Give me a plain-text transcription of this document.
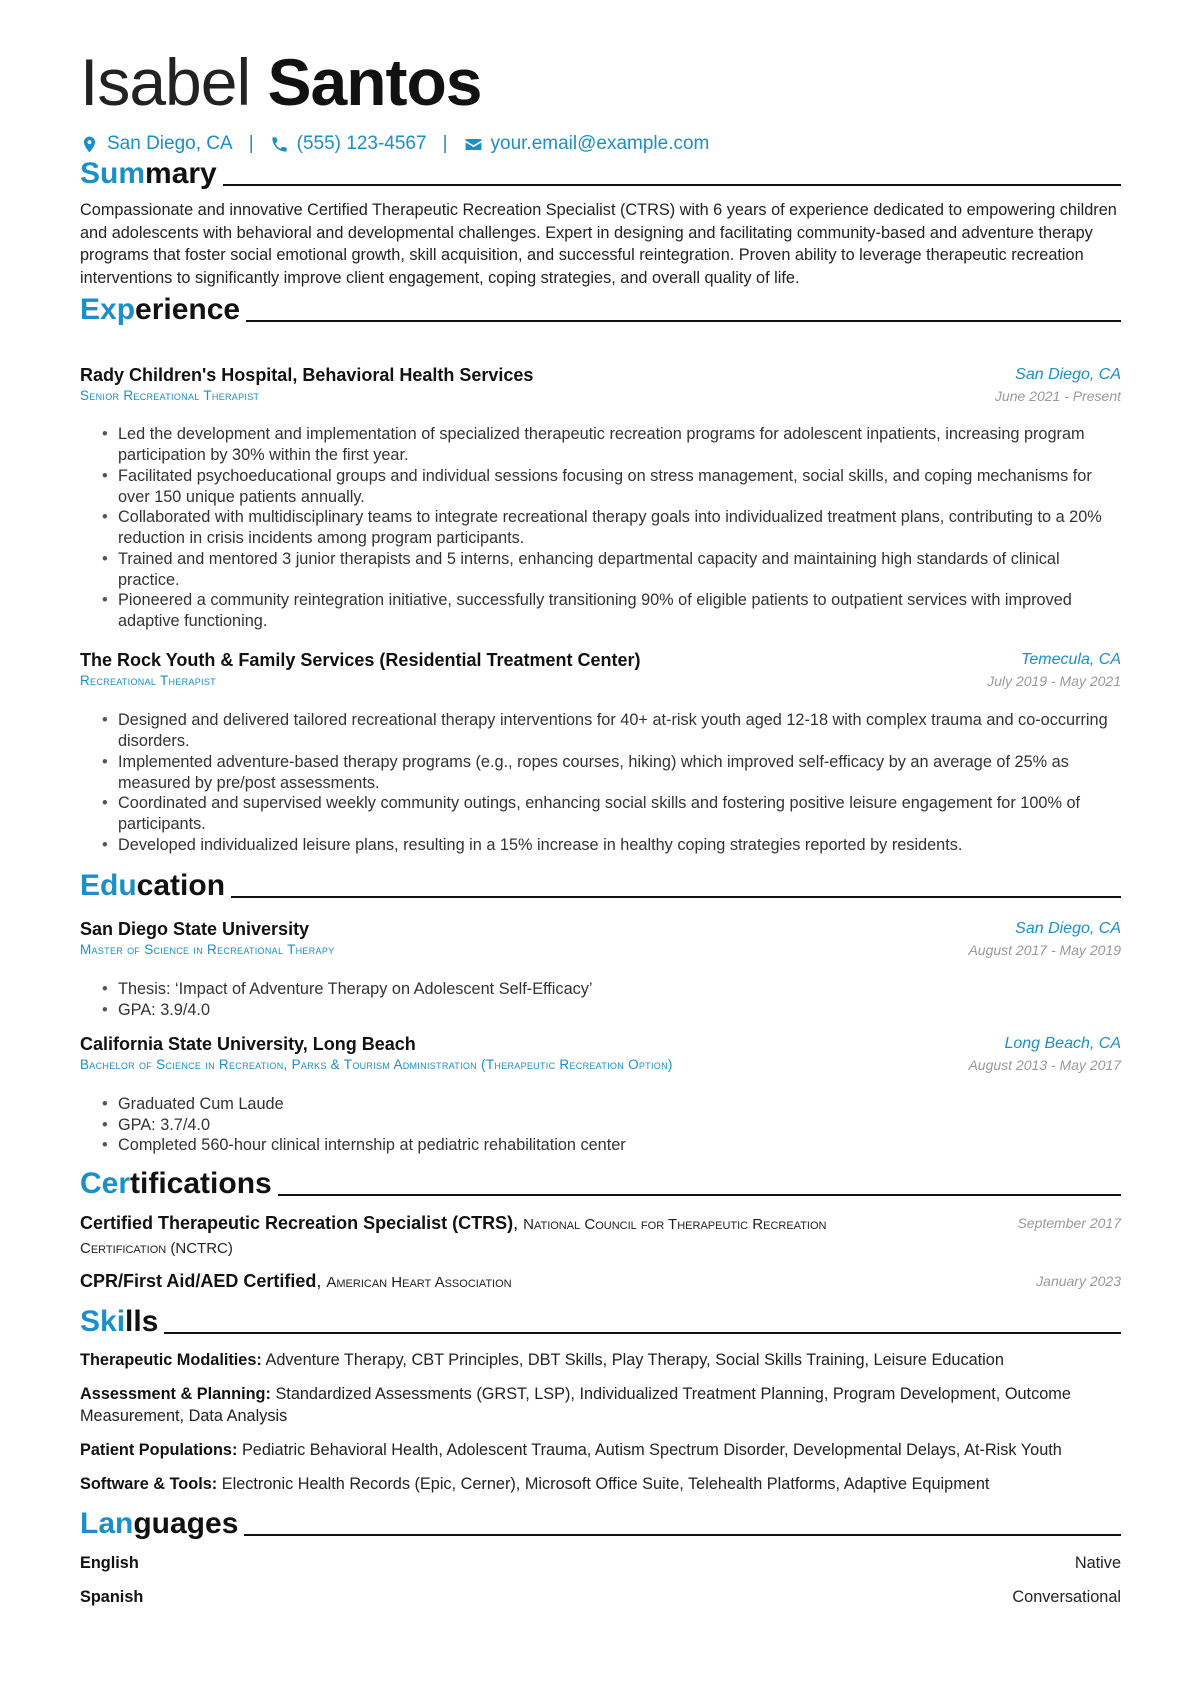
Isabel Santos
San Diego, CA | (555) 123-4567 | your.email@example.com
Summary
Compassionate and innovative Certified Therapeutic Recreation Specialist (CTRS) with 6 years of experience dedicated to empowering children and adolescents with behavioral and developmental challenges. Expert in designing and facilitating community-based and adventure therapy programs that foster social emotional growth, skill acquisition, and successful reintegration. Proven ability to leverage therapeutic recreation interventions to significantly improve client engagement, coping strategies, and overall quality of life.
Experience
Rady Children's Hospital, Behavioral Health Services	San Diego, CA
Senior Recreational Therapist	June 2021 - Present
• Led the development and implementation of specialized therapeutic recreation programs for adolescent inpatients, increasing program participation by 30% within the first year.
• Facilitated psychoeducational groups and individual sessions focusing on stress management, social skills, and coping mechanisms for over 150 unique patients annually.
• Collaborated with multidisciplinary teams to integrate recreational therapy goals into individualized treatment plans, contributing to a 20% reduction in crisis incidents among program participants.
• Trained and mentored 3 junior therapists and 5 interns, enhancing departmental capacity and maintaining high standards of clinical practice.
• Pioneered a community reintegration initiative, successfully transitioning 90% of eligible patients to outpatient services with improved adaptive functioning.
The Rock Youth & Family Services (Residential Treatment Center)	Temecula, CA
Recreational Therapist	July 2019 - May 2021
• Designed and delivered tailored recreational therapy interventions for 40+ at-risk youth aged 12-18 with complex trauma and co-occurring disorders.
• Implemented adventure-based therapy programs (e.g., ropes courses, hiking) which improved self-efficacy by an average of 25% as measured by pre/post assessments.
• Coordinated and supervised weekly community outings, enhancing social skills and fostering positive leisure engagement for 100% of participants.
• Developed individualized leisure plans, resulting in a 15% increase in healthy coping strategies reported by residents.
Education
San Diego State University	San Diego, CA
Master of Science in Recreational Therapy	August 2017 - May 2019
• Thesis: ‘Impact of Adventure Therapy on Adolescent Self-Efficacy’
• GPA: 3.9/4.0
California State University, Long Beach	Long Beach, CA
Bachelor of Science in Recreation, Parks & Tourism Administration (Therapeutic Recreation Option)	August 2013 - May 2017
• Graduated Cum Laude
• GPA: 3.7/4.0
• Completed 560-hour clinical internship at pediatric rehabilitation center
Certifications
Certified Therapeutic Recreation Specialist (CTRS), National Council for Therapeutic Recreation Certification (NCTRC)
September 2017
CPR/First Aid/AED Certified, American Heart Association	January 2023
Skills
Therapeutic Modalities: Adventure Therapy, CBT Principles, DBT Skills, Play Therapy, Social Skills Training, Leisure Education
Assessment & Planning: Standardized Assessments (GRST, LSP), Individualized Treatment Planning, Program Development, Outcome Measurement, Data Analysis
Patient Populations: Pediatric Behavioral Health, Adolescent Trauma, Autism Spectrum Disorder, Developmental Delays, At-Risk Youth
Software & Tools: Electronic Health Records (Epic, Cerner), Microsoft Office Suite, Telehealth Platforms, Adaptive Equipment
Languages
English	Native
Spanish	Conversational
